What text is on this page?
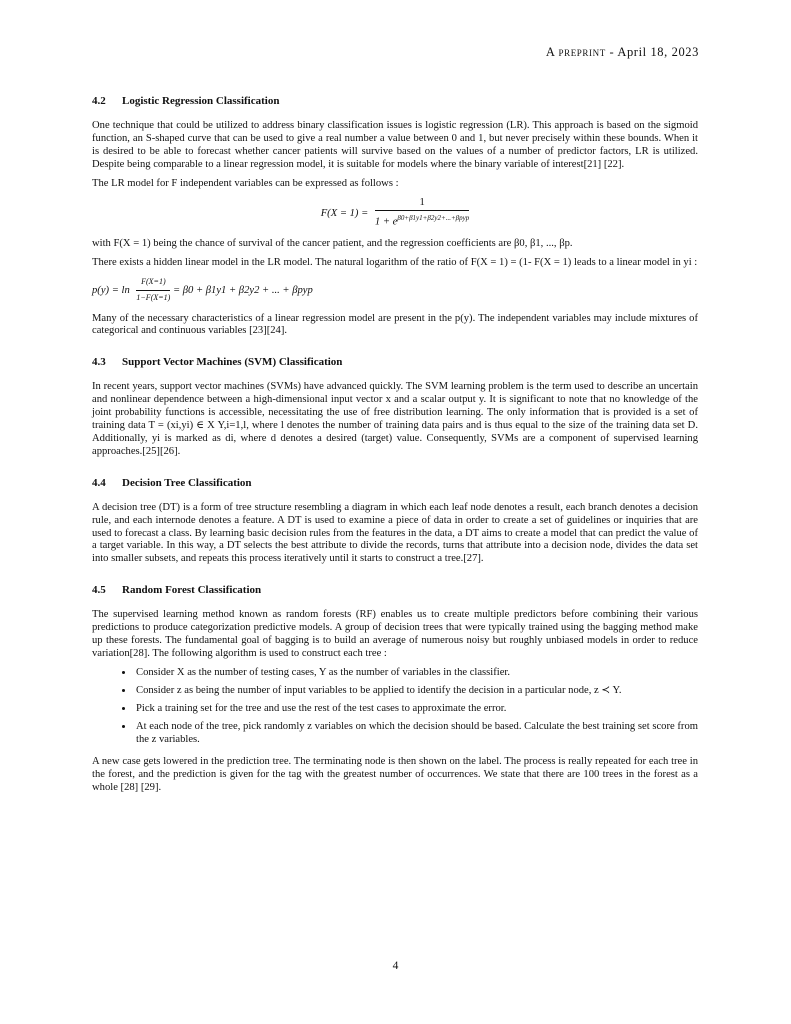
A preprint - April 18, 2023
4.2 Logistic Regression Classification

One technique that could be utilized to address binary classification issues is logistic regression (LR). This approach is based on the sigmoid function, an S-shaped curve that can be used to give a real number a value between 0 and 1, but never precisely within these bounds. When it is desired to be able to forecast whether cancer patients will survive based on the values of a number of predictor factors, LR is utilized. Despite being comparable to a linear regression model, it is suitable for models where the binary variable of interest[21] [22].

The LR model for F independent variables can be expressed as follows :

$F(X = 1) = \frac{1}{1 + e^{\beta 0+\beta 1y1+\beta 2y2+...+\beta pyp}}$

with F(X = 1) being the chance of survival of the cancer patient, and the regression coefficients are β0, β1, ..., βp.

There exists a hidden linear model in the LR model. The natural logarithm of the ratio of F(X = 1) = (1- F(X = 1) leads to a linear model in yi :

$p(y) = \ln \frac{F(X=1)}{1-F(X=1)} = \beta 0 + \beta 1y1 + \beta 2y2$ + ... + βpyp

Many of the necessary characteristics of a linear regression model are present in the p(y). The independent variables may include mixtures of categorical and continuous variables [23][24].

4.3 Support Vector Machines (SVM) Classification

In recent years, support vector machines (SVMs) have advanced quickly. The SVM learning problem is the term used to describe an uncertain and nonlinear dependence between a high-dimensional input vector x and a scalar output y. It is significant to note that no knowledge of the joint probability functions is accessible, necessitating the use of free distribution learning. The only information that is provided is a set of training data T = (xi,yi) ∈ X Y,i=1,l, where l denotes the number of training data pairs and is thus equal to the size of the training data set D. Additionally, yi is marked as di, where d denotes a desired (target) value. Consequently, SVMs are a component of supervised learning approaches.[25][26].

4.4 Decision Tree Classification

A decision tree (DT) is a form of tree structure resembling a diagram in which each leaf node denotes a result, each branch denotes a decision rule, and each internode denotes a feature. A DT is used to examine a piece of data in order to create a set of guidelines or inquiries that are used to forecast a class. By learning basic decision rules from the features in the data, a DT aims to create a model that can predict the value of a target variable. In this way, a DT selects the best attribute to divide the records, turns that attribute into a decision node, divides the data set into smaller subsets, and repeats this process iteratively until it starts to construct a tree.[27].

4.5 Random Forest Classification

The supervised learning method known as random forests (RF) enables us to create multiple predictors before combining their various predictions to produce categorization predictive models. A group of decision trees that were typically trained using the bagging method make up these forests. The fundamental goal of bagging is to build an average of numerous noisy but roughly unbiased models in order to reduce variation[28]. The following algorithm is used to construct each tree :

• Consider X as the number of testing cases, Y as the number of variables in the classifier.
• Consider z as being the number of input variables to be applied to identify the decision in a particular node, z ≺ Y.
• Pick a training set for the tree and use the rest of the test cases to approximate the error.
• At each node of the tree, pick randomly z variables on which the decision should be based. Calculate the best training set score from the z variables.

A new case gets lowered in the prediction tree. The terminating node is then shown on the label. The process is really repeated for each tree in the forest, and the prediction is given for the tag with the greatest number of occurrences. We state that there are 100 trees in the forest as a whole [28] [29].

4
